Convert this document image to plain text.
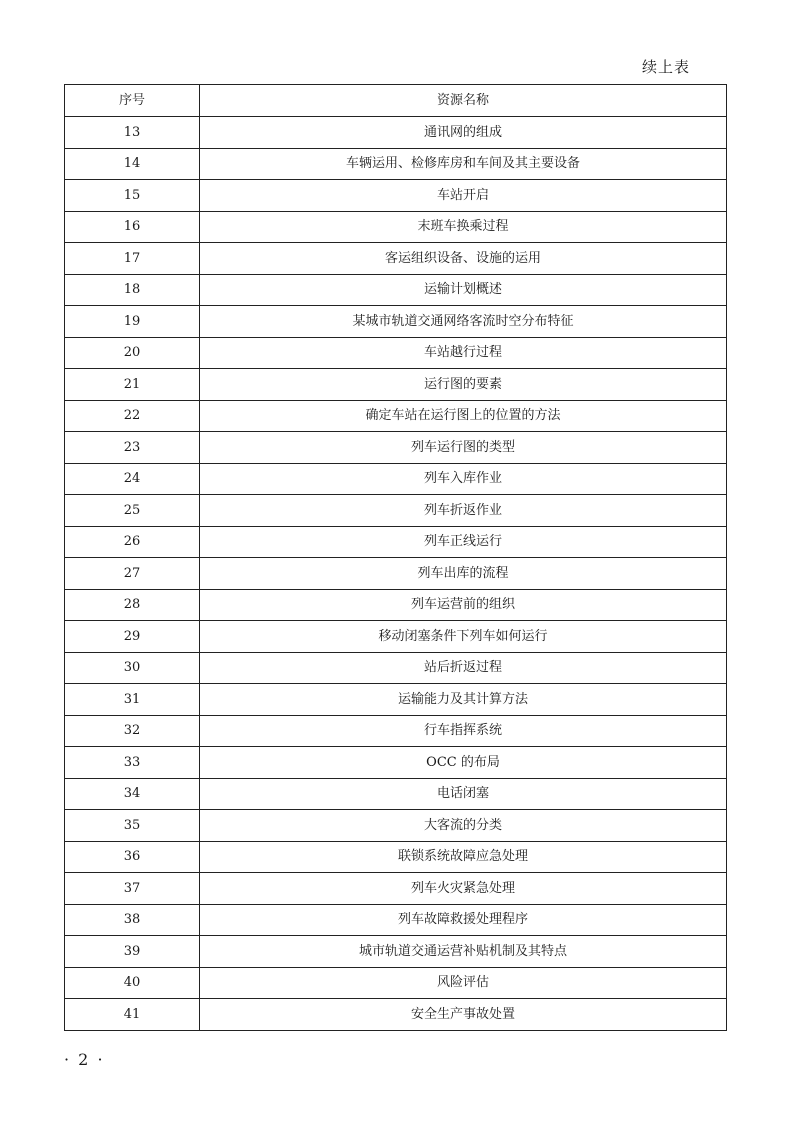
续上表
序号	资源名称
13	通讯网的组成
14	车辆运用、检修库房和车间及其主要设备
15	车站开启
16	末班车换乘过程
17	客运组织设备、设施的运用
18	运输计划概述
19	某城市轨道交通网络客流时空分布特征
20	车站越行过程
21	运行图的要素
22	确定车站在运行图上的位置的方法
23	列车运行图的类型
24	列车入库作业
25	列车折返作业
26	列车正线运行
27	列车出库的流程
28	列车运营前的组织
29	移动闭塞条件下列车如何运行
30	站后折返过程
31	运输能力及其计算方法
32	行车指挥系统
33	OCC 的布局
34	电话闭塞
35	大客流的分类
36	联锁系统故障应急处理
37	列车火灾紧急处理
38	列车故障救援处理程序
39	城市轨道交通运营补贴机制及其特点
40	风险评估
41	安全生产事故处置
· 2 ·
